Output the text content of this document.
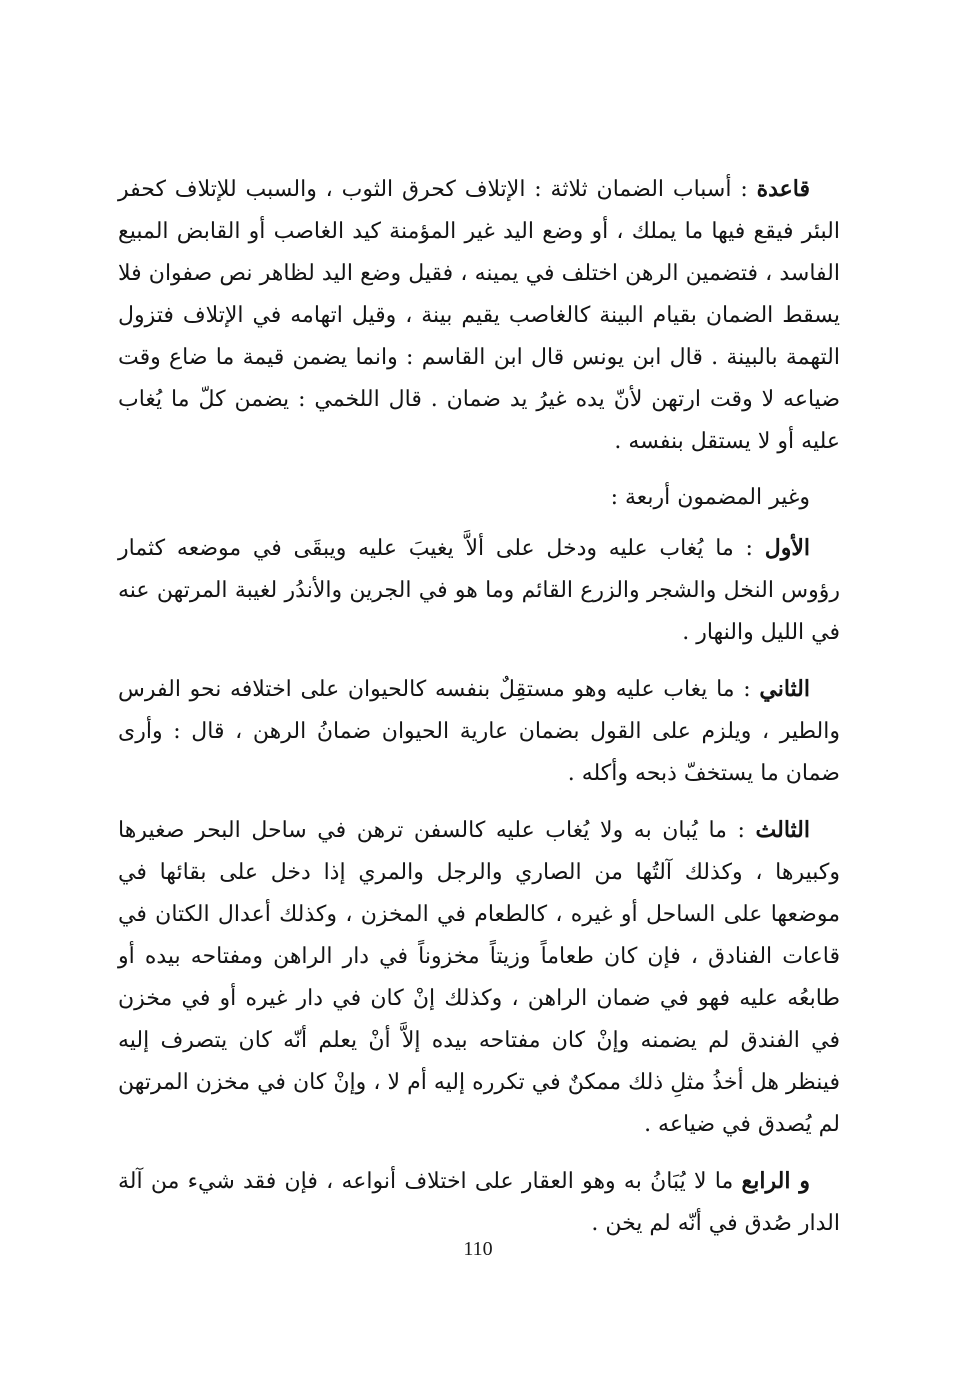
قاعدة : أسباب الضمان ثلاثة : الإتلاف كحرق الثوب ، والسبب للإتلاف كحفر البئر فيقع فيها ما يملك ، أو وضع اليد غير المؤمنة كيد الغاصب أو القابض المبيع الفاسد ، فتضمين الرهن اختلف في يمينه ، فقيل وضع اليد لظاهر نص صفوان فلا يسقط الضمان بقيام البينة كالغاصب يقيم بينة ، وقيل اتهامه في الإتلاف فتزول التهمة بالبينة . قال ابن يونس قال ابن القاسم : وانما يضمن قيمة ما ضاع وقت ضياعه لا وقت ارتهن لأنّ يده غيرُ يد ضمان . قال اللخمي : يضمن كلّ ما يُغاب عليه أو لا يستقل بنفسه .

وغير المضمون أربعة :

الأول : ما يُغاب عليه ودخل على ألاَّ يغيبَ عليه ويبقَى في موضعه كثمار رؤوس النخل والشجر والزرع القائم وما هو في الجرين والأندُر لغيبة المرتهن عنه في الليل والنهار .

الثاني : ما يغاب عليه وهو مستقِلٌ بنفسه كالحيوان على اختلافه نحو الفرس والطير ، ويلزم على القول بضمان عارية الحيوان ضمانُ الرهن ، قال : وأرى ضمان ما يستخفّ ذبحه وأكله .

الثالث : ما يُبان به ولا يُغاب عليه كالسفن ترهن في ساحل البحر صغيرها وكبيرها ، وكذلك آلتُها من الصاري والرجل والمري إذا دخل على بقائها في موضعها على الساحل أو غيره ، كالطعام في المخزن ، وكذلك أعدال الكتان في قاعات الفنادق ، فإن كان طعاماً وزيتاً مخزوناً في دار الراهن ومفتاحه بيده أو طابعُه عليه فهو في ضمان الراهن ، وكذلك إنْ كان في دار غيره أو في مخزن في الفندق لم يضمنه وإنْ كان مفتاحه بيده إلاَّ أنْ يعلم أنّه كان يتصرف إليه فينظر هل أخذُ مثلِ ذلك ممكنٌ في تكرره إليه أم لا ، وإنْ كان في مخزن المرتهن لم يُصدق في ضياعه .

و الرابع ما لا يُبَانُ به وهو العقار على اختلاف أنواعه ، فإن فقد شيء من آلة الدار صُدق في أنّه لم يخن .

110
